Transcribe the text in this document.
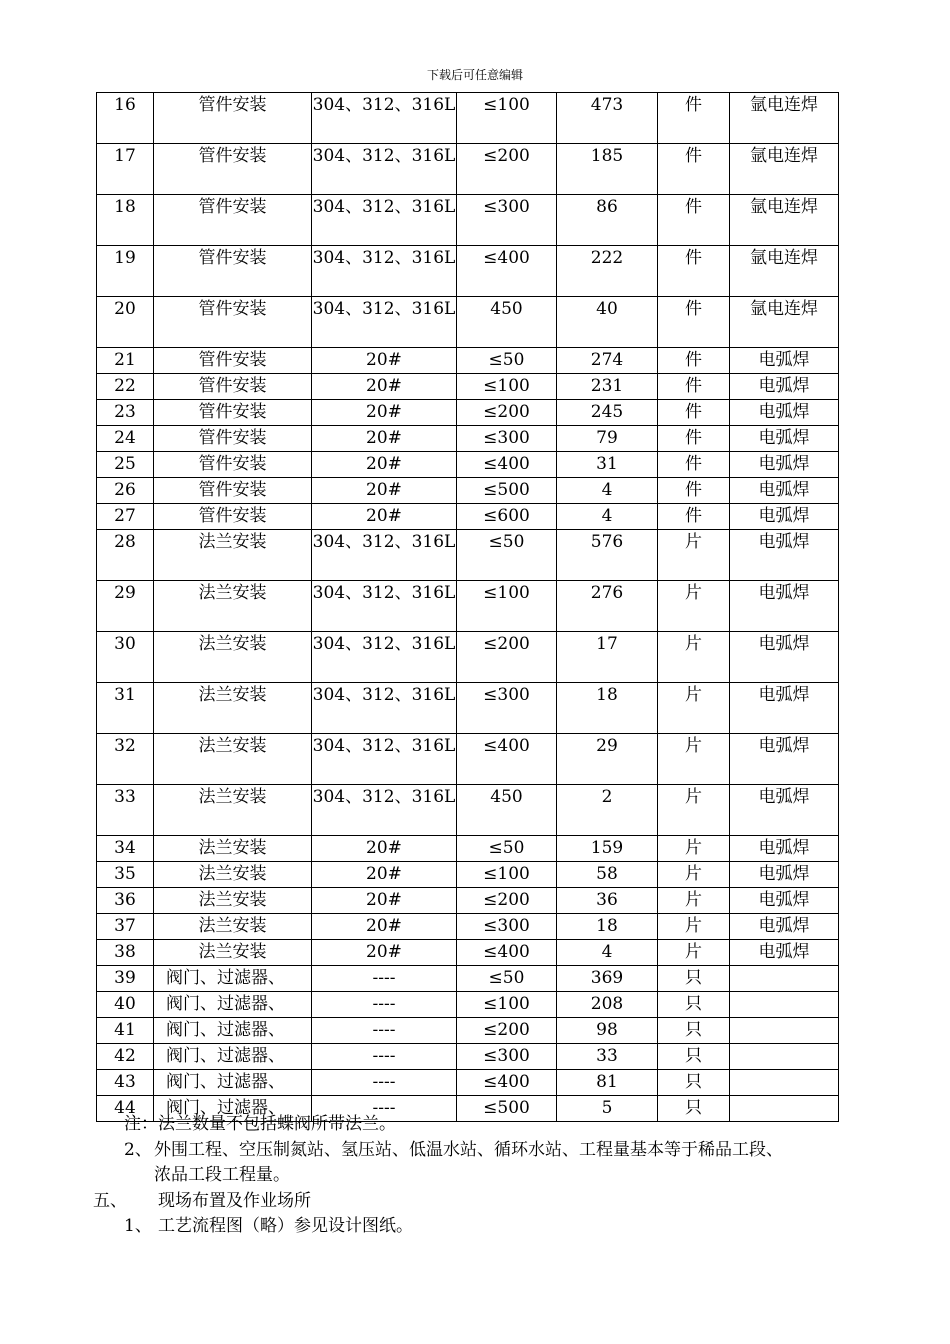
下载后可任意编辑
16	管件安装	304、312、316L	≤100	473	件	氩电连焊
17	管件安装	304、312、316L	≤200	185	件	氩电连焊
18	管件安装	304、312、316L	≤300	86	件	氩电连焊
19	管件安装	304、312、316L	≤400	222	件	氩电连焊
20	管件安装	304、312、316L	450	40	件	氩电连焊
21	管件安装	20#	≤50	274	件	电弧焊
22	管件安装	20#	≤100	231	件	电弧焊
23	管件安装	20#	≤200	245	件	电弧焊
24	管件安装	20#	≤300	79	件	电弧焊
25	管件安装	20#	≤400	31	件	电弧焊
26	管件安装	20#	≤500	4	件	电弧焊
27	管件安装	20#	≤600	4	件	电弧焊
28	法兰安装	304、312、316L	≤50	576	片	电弧焊
29	法兰安装	304、312、316L	≤100	276	片	电弧焊
30	法兰安装	304、312、316L	≤200	17	片	电弧焊
31	法兰安装	304、312、316L	≤300	18	片	电弧焊
32	法兰安装	304、312、316L	≤400	29	片	电弧焊
33	法兰安装	304、312、316L	450	2	片	电弧焊
34	法兰安装	20#	≤50	159	片	电弧焊
35	法兰安装	20#	≤100	58	片	电弧焊
36	法兰安装	20#	≤200	36	片	电弧焊
37	法兰安装	20#	≤300	18	片	电弧焊
38	法兰安装	20#	≤400	4	片	电弧焊
39	阀门、过滤器、	----	≤50	369	只	
40	阀门、过滤器、	----	≤100	208	只	
41	阀门、过滤器、	----	≤200	98	只	
42	阀门、过滤器、	----	≤300	33	只	
43	阀门、过滤器、	----	≤400	81	只	
44	阀门、过滤器、	----	≤500	5	只	
注：法兰数量不包括蝶阀所带法兰。
2、 外围工程、空压制氮站、氢压站、低温水站、循环水站、工程量基本等于稀品工段、
浓品工段工程量。
五、 现场布置及作业场所
1、 工艺流程图（略）参见设计图纸。
